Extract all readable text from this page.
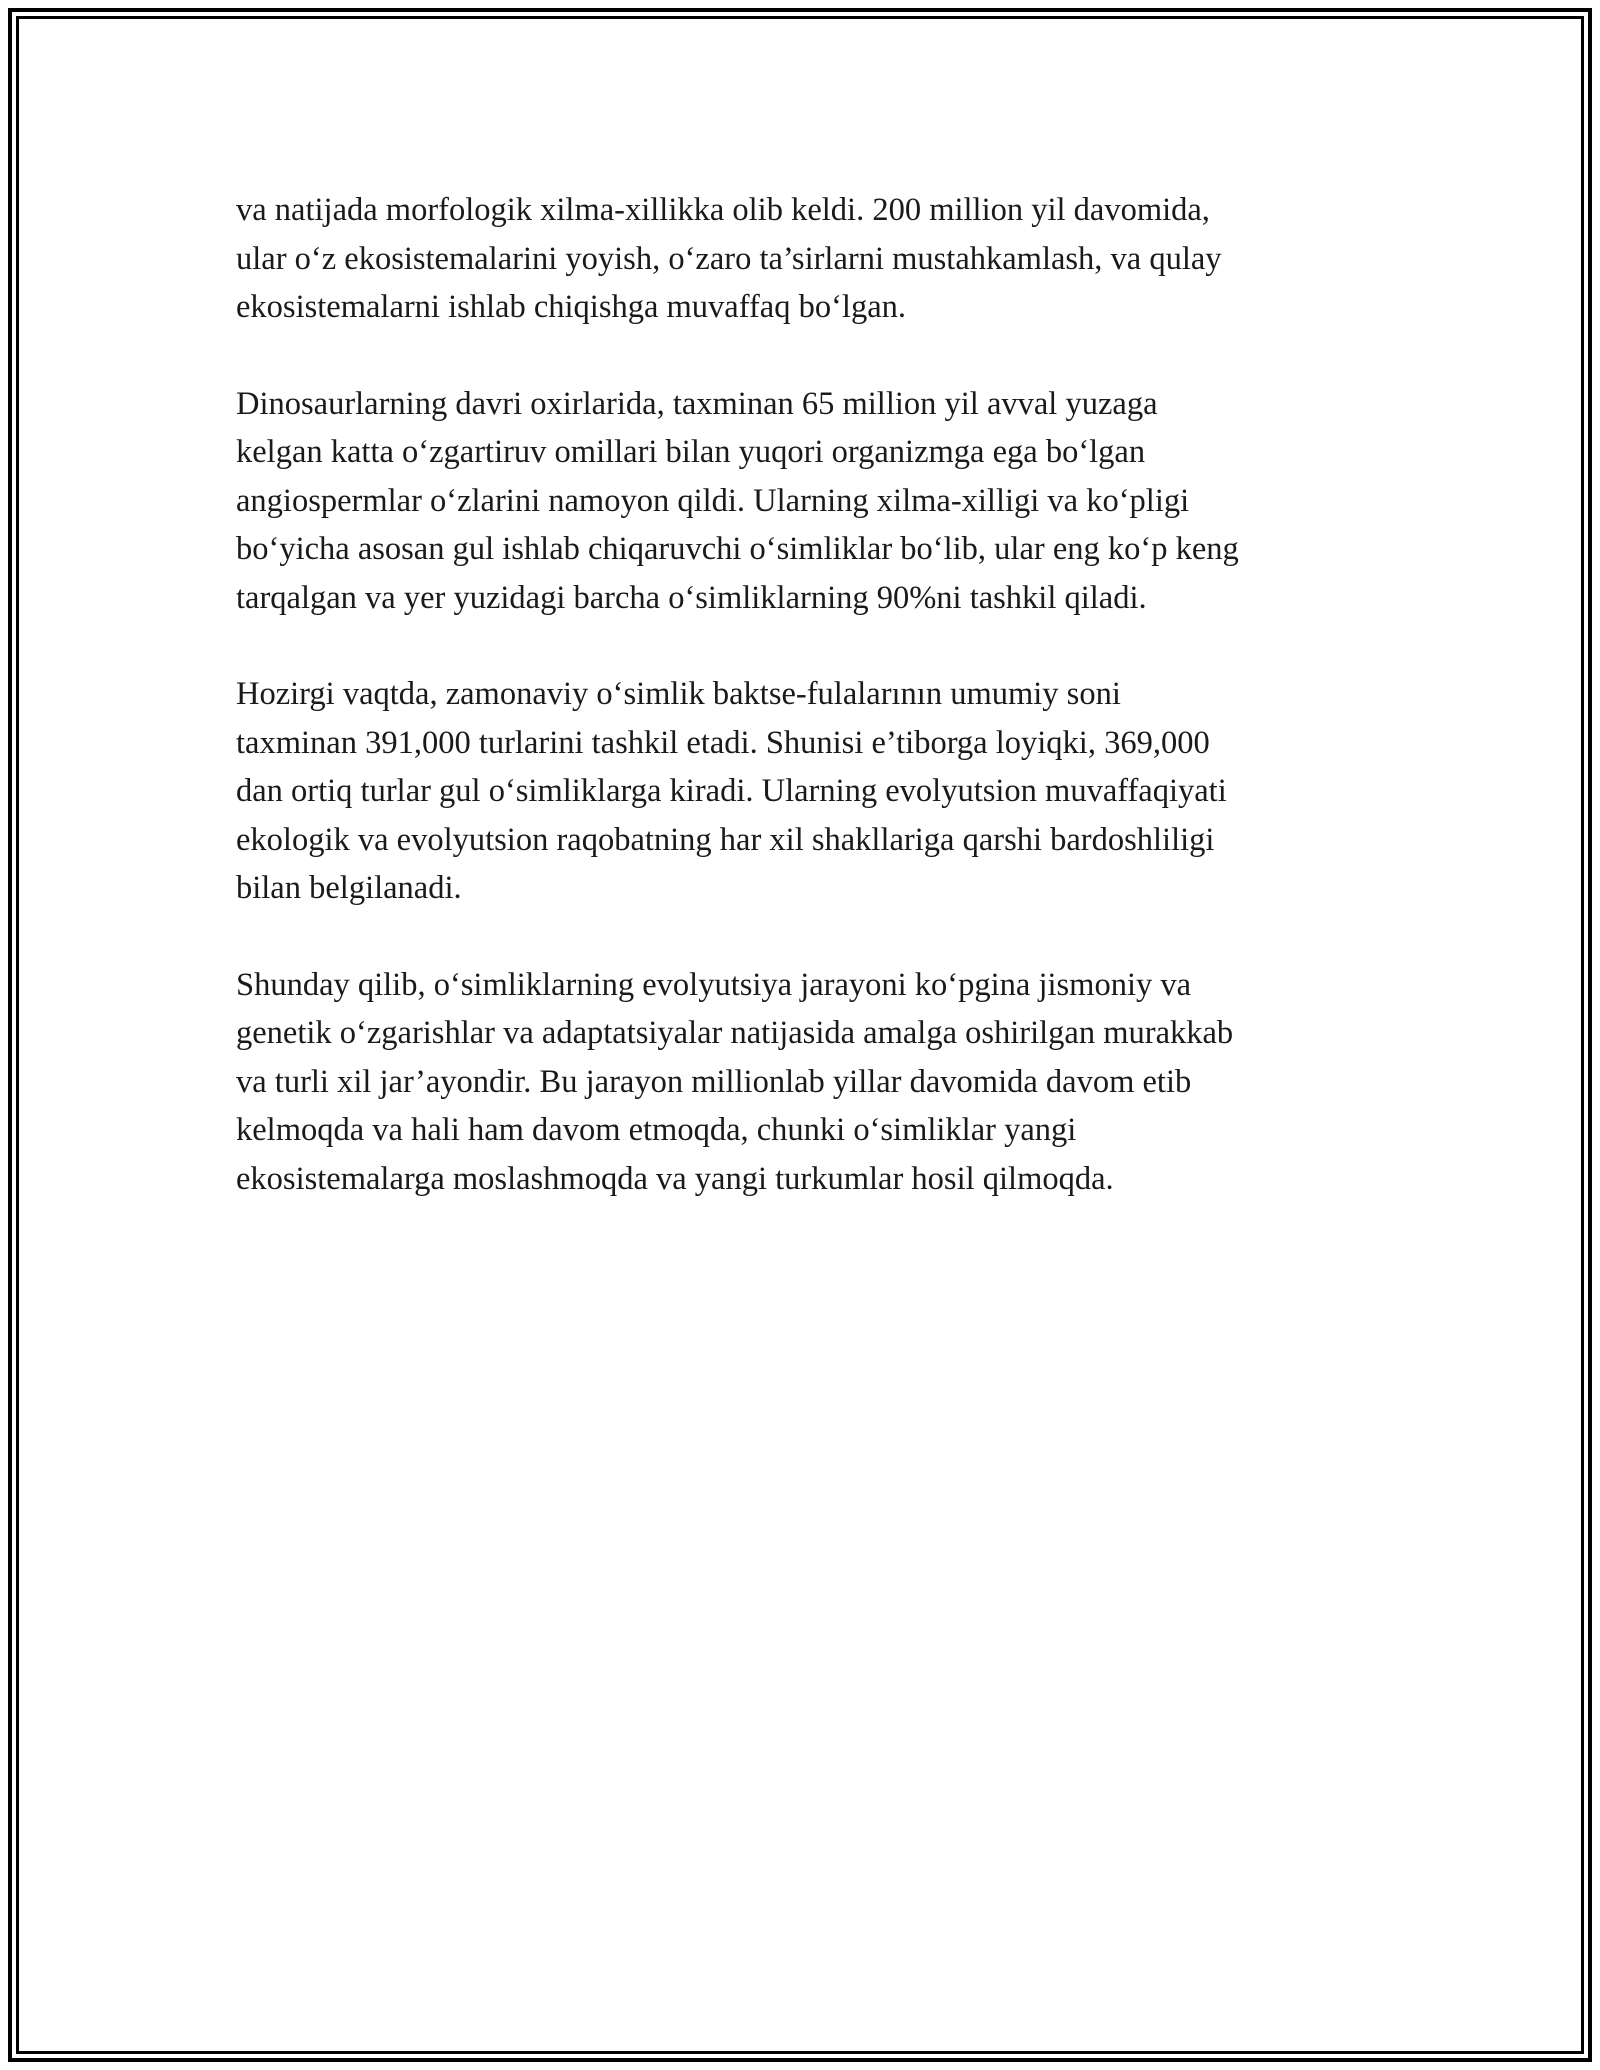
va natijada morfologik xilma-xillikka olib keldi. 200 million yil davomida,
ular o‘z ekosistemalarini yoyish, o‘zaro ta’sirlarni mustahkamlash, va qulay
ekosistemalarni ishlab chiqishga muvaffaq bo‘lgan.

Dinosaurlarning davri oxirlarida, taxminan 65 million yil avval yuzaga
kelgan katta o‘zgartiruv omillari bilan yuqori organizmga ega bo‘lgan
angiospermlar o‘zlarini namoyon qildi. Ularning xilma-xilligi va ko‘pligi
bo‘yicha asosan gul ishlab chiqaruvchi o‘simliklar bo‘lib, ular eng ko‘p keng
tarqalgan va yer yuzidagi barcha o‘simliklarning 90%ni tashkil qiladi.

Hozirgi vaqtda, zamonaviy o‘simlik baktse-fulalarının umumiy soni
taxminan 391,000 turlarini tashkil etadi. Shunisi e’tiborga loyiqki, 369,000
dan ortiq turlar gul o‘simliklarga kiradi. Ularning evolyutsion muvaffaqiyati
ekologik va evolyutsion raqobatning har xil shakllariga qarshi bardoshliligi
bilan belgilanadi.

Shunday qilib, o‘simliklarning evolyutsiya jarayoni ko‘pgina jismoniy va
genetik o‘zgarishlar va adaptatsiyalar natijasida amalga oshirilgan murakkab
va turli xil jar’ayondir. Bu jarayon millionlab yillar davomida davom etib
kelmoqda va hali ham davom etmoqda, chunki o‘simliklar yangi
ekosistemalarga moslashmoqda va yangi turkumlar hosil qilmoqda.
